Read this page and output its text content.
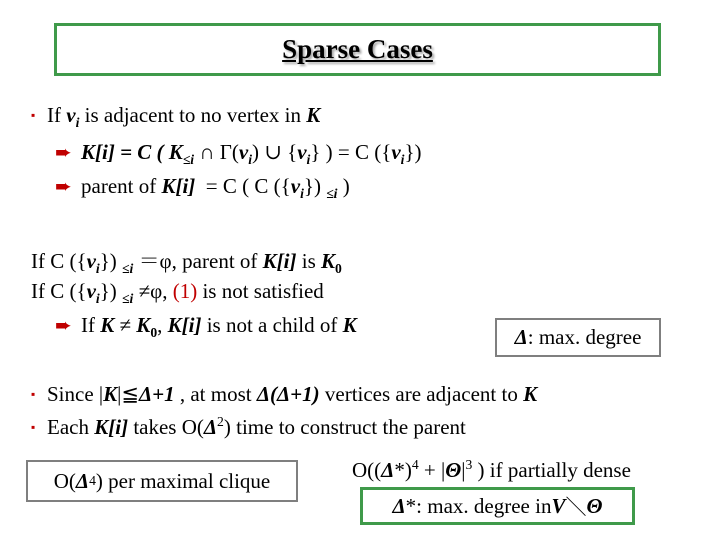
Sparse Cases
▪ If $v_i$ is adjacent to no vertex in K
➨ K[i] = C ( $K_{\le i}$ ∩ $\Gamma(v_i)$ ∪ $\{v_i\}$ ) = C $(\{v_i\})$
➨ parent of K[i]  = C ( C $(\{v_i\})$ $_{\le i}$ )
If C $(\{v_i\})$ $_{\le i}$ ＝φ, parent of K[i] is $K_0$
If C $(\{v_i\})$ $_{\le i}$ ≠φ, (1) is not satisfied
➨ If $K \ne K_0$, K[i] is not a child of K	Δ : max. degree
▪ Since |K|≦Δ+1 , at most Δ(Δ+1) vertices are adjacent to K
▪ Each K[i] takes $O(\Delta^2)$ time to construct the parent
O( Δ 4 ) per maximal clique	$O((\Delta*)^4 + |\Theta|^3$ ) if partially dense
Δ *: max. degree in V ＼ Θ
